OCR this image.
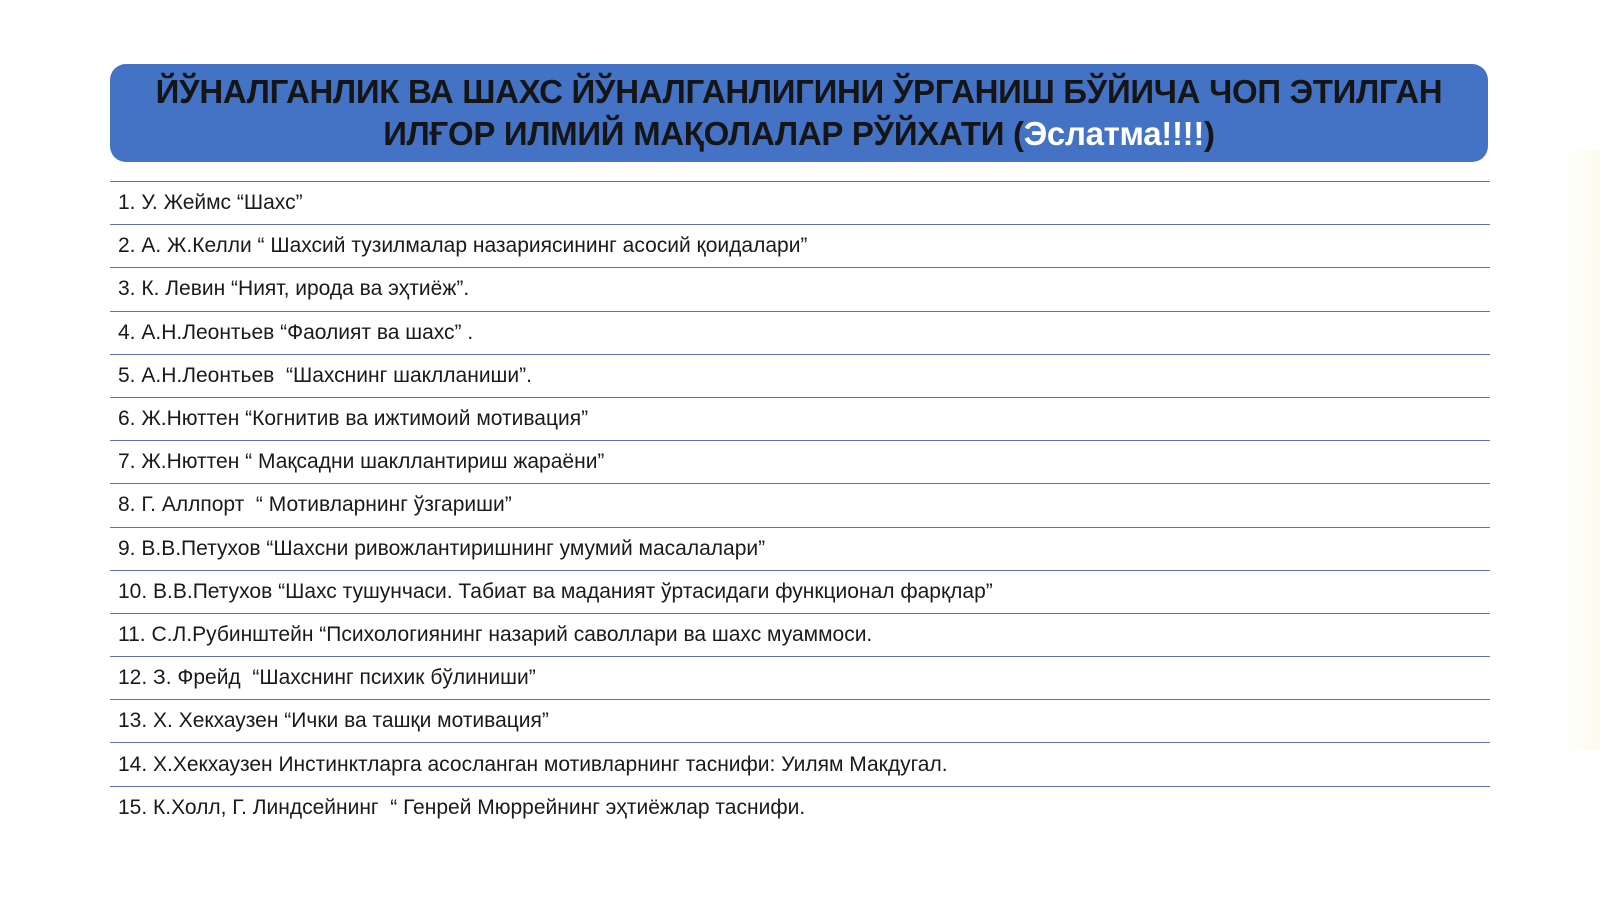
ЙЎНАЛГАНЛИК ВА ШАХС ЙЎНАЛГАНЛИГИНИ ЎРГАНИШ БЎЙИЧА ЧОП ЭТИЛГАН
ИЛҒОР ИЛМИЙ МАҚОЛАЛАР РЎЙХАТИ (Эслатма!!!!)
1. У. Жеймс “Шахс”
2. А. Ж.Келли “ Шахсий тузилмалар назариясининг асосий қоидалари”
3. К. Левин “Ният, ирода ва эҳтиёж”.
4. А.Н.Леонтьев “Фаолият ва шахс” .
5. А.Н.Леонтьев  “Шахснинг шаклланиши”.
6. Ж.Нюттен “Когнитив ва ижтимоий мотивация”
7. Ж.Нюттен “ Мақсадни шакллантириш жараёни”
8. Г. Аллпорт  “ Мотивларнинг ўзгариши”
9. В.В.Петухов “Шахсни ривожлантиришнинг умумий масалалари”
10. В.В.Петухов “Шахс тушунчаси. Табиат ва маданият ўртасидаги функционал фарқлар”
11. С.Л.Рубинштейн “Психологиянинг назарий саволлари ва шахс муаммоси.
12. З. Фрейд  “Шахснинг психик бўлиниши”
13. Х. Хекхаузен “Ички ва ташқи мотивация”
14. Х.Хекхаузен Инстинктларга асосланган мотивларнинг таснифи: Уилям Макдугал.
15. К.Холл, Г. Линдсейнинг  “ Генрей Мюррейнинг эҳтиёжлар таснифи.
